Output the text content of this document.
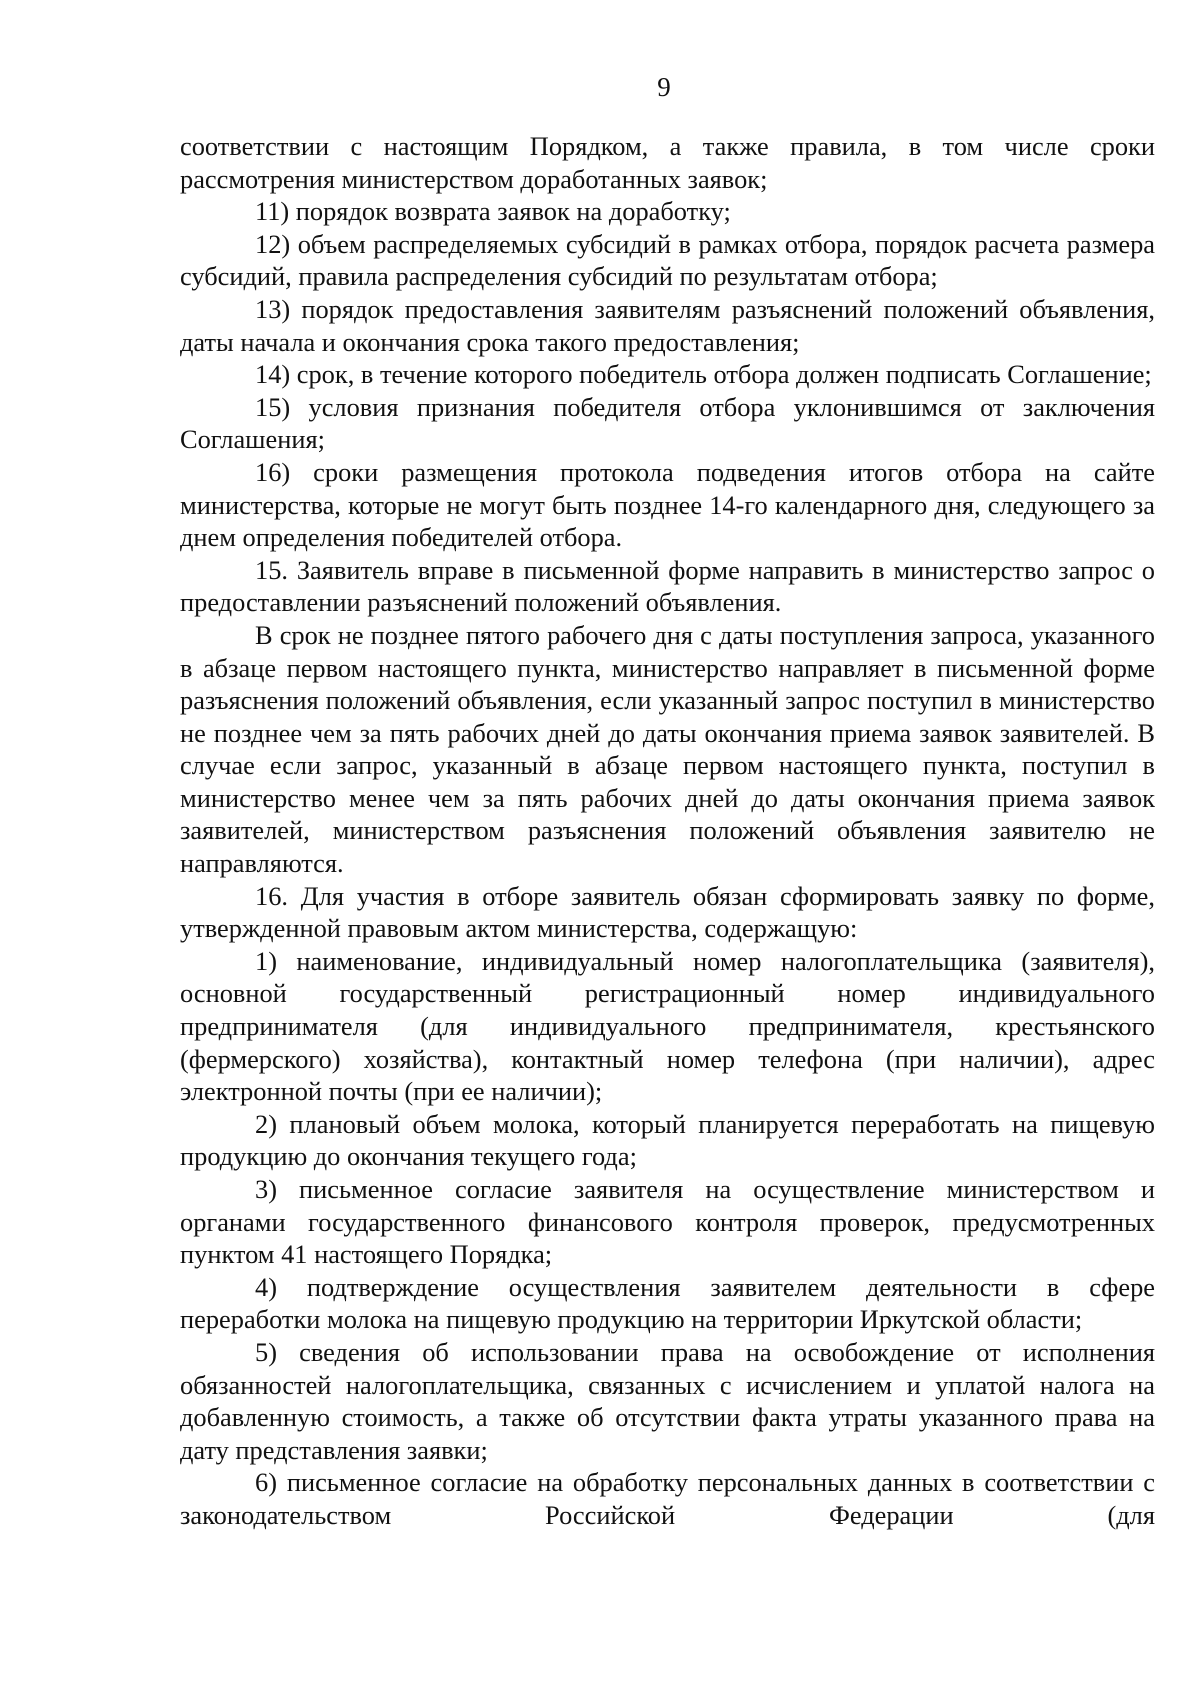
9

соответствии с настоящим Порядком, а также правила, в том числе сроки рассмотрения министерством доработанных заявок;

11) порядок возврата заявок на доработку;

12) объем распределяемых субсидий в рамках отбора, порядок расчета размера субсидий, правила распределения субсидий по результатам отбора;

13) порядок предоставления заявителям разъяснений положений объявления, даты начала и окончания срока такого предоставления;

14) срок, в течение которого победитель отбора должен подписать Соглашение;

15) условия признания победителя отбора уклонившимся от заключения Соглашения;

16) сроки размещения протокола подведения итогов отбора на сайте министерства, которые не могут быть позднее 14-го календарного дня, следующего за днем определения победителей отбора.

15. Заявитель вправе в письменной форме направить в министерство запрос о предоставлении разъяснений положений объявления.

В срок не позднее пятого рабочего дня с даты поступления запроса, указанного в абзаце первом настоящего пункта, министерство направляет в письменной форме разъяснения положений объявления, если указанный запрос поступил в министерство не позднее чем за пять рабочих дней до даты окончания приема заявок заявителей. В случае если запрос, указанный в абзаце первом настоящего пункта, поступил в министерство менее чем за пять рабочих дней до даты окончания приема заявок заявителей, министерством разъяснения положений объявления заявителю не направляются.

16. Для участия в отборе заявитель обязан сформировать заявку по форме, утвержденной правовым актом министерства, содержащую:

1) наименование, индивидуальный номер налогоплательщика (заявителя), основной государственный регистрационный номер индивидуального предпринимателя (для индивидуального предпринимателя, крестьянского (фермерского) хозяйства), контактный номер телефона (при наличии), адрес электронной почты (при ее наличии);

2) плановый объем молока, который планируется переработать на пищевую продукцию до окончания текущего года;

3) письменное согласие заявителя на осуществление министерством и органами государственного финансового контроля проверок, предусмотренных пунктом 41 настоящего Порядка;

4) подтверждение осуществления заявителем деятельности в сфере переработки молока на пищевую продукцию на территории Иркутской области;

5) сведения об использовании права на освобождение от исполнения обязанностей налогоплательщика, связанных с исчислением и уплатой налога на добавленную стоимость, а также об отсутствии факта утраты указанного права на дату представления заявки;

6) письменное согласие на обработку персональных данных в соответствии с законодательством Российской Федерации (для
